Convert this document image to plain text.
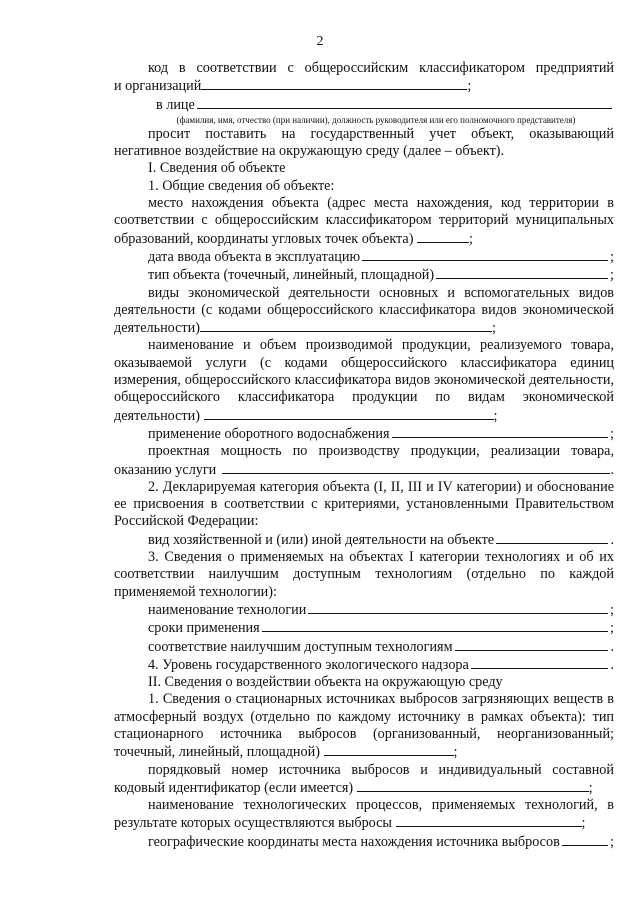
2

код в соответствии с общероссийским классификатором предприятий

и организаций	;

в лице

(фамилия, имя, отчество (при наличии), должность руководителя или его полномочного представителя)

просит поставить на государственный учет объект, оказывающий негативное воздействие на окружающую среду (далее – объект).

I. Сведения об объекте

1. Общие сведения об объекте:

место нахождения объекта (адрес места нахождения, код территории в соответствии с общероссийским классификатором территорий муниципальных образований, координаты угловых точек объекта)	;

дата ввода объекта в эксплуатацию	;
тип объекта (точечный, линейный, площадной)	;

виды экономической деятельности основных и вспомогательных видов деятельности (с кодами общероссийского классификатора видов экономической деятельности)	;

наименование и объем производимой продукции, реализуемого товара, оказываемой услуги (с кодами общероссийского классификатора единиц измерения, общероссийского классификатора видов экономической деятельности, общероссийского классификатора продукции по видам экономической деятельности)	;

применение оборотного водоснабжения	;

проектная мощность по производству продукции, реализации товара,

оказанию услуги	.

2. Декларируемая категория объекта (I, II, III и IV категории) и обоснование ее присвоения в соответствии с критериями, установленными Правительством Российской Федерации:

вид хозяйственной и (или) иной деятельности на объекте	.

3. Сведения о применяемых на объектах I категории технологиях и об их соответствии наилучшим доступным технологиям (отдельно по каждой применяемой технологии):

наименование технологии	;
сроки применения	;
соответствие наилучшим доступным технологиям	.
4. Уровень государственного экологического надзора	.

II. Сведения о воздействии объекта на окружающую среду

1. Сведения о стационарных источниках выбросов загрязняющих веществ в атмосферный воздух (отдельно по каждому источнику в рамках объекта): тип стационарного источника выбросов (организованный, неорганизованный; точечный, линейный, площадной)	;

порядковый номер источника выбросов и индивидуальный составной кодовый идентификатор (если имеется)	;

наименование технологических процессов, применяемых технологий, в результате которых осуществляются выбросы	;

географические координаты места нахождения источника выбросов	;
